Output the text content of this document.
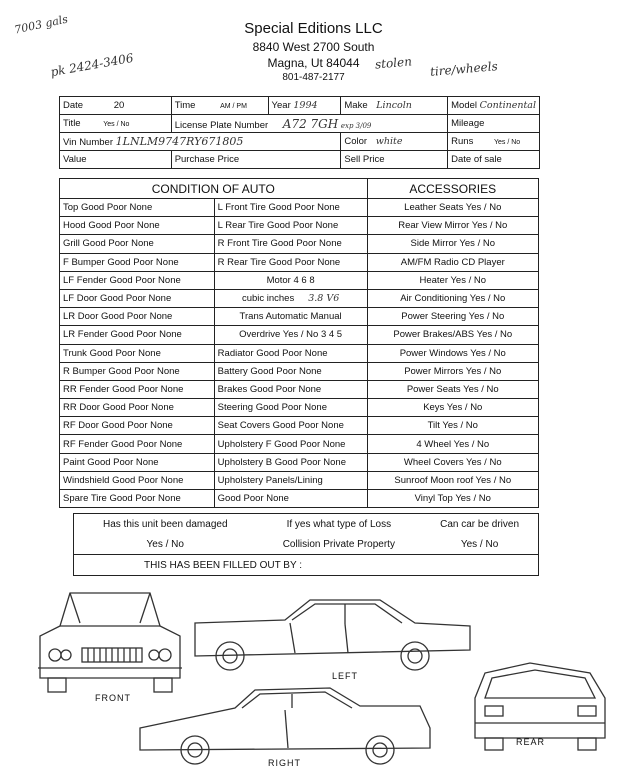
7003 gals
pk 2424-3406	stolen tire/wheels
Special Editions LLC
8840 West 2700 South
Magna, Ut 84044
801-487-2177
Date 20	Time AM / PM	Year 1994	Make Lincoln	Model Continental
Title Yes / No	License Plate Number A72 7GH exp 3/09			Mileage
Vin Number 1LNLM9747RY671805			Color white	Runs Yes / No
Value	Purchase Price		Sell Price	Date of sale
CONDITION OF AUTO		ACCESSORIES
Top Good Poor None	L Front Tire Good Poor None	Leather Seats Yes / No
Hood Good Poor None	L Rear Tire Good Poor None	Rear View Mirror Yes / No
Grill Good Poor None	R Front Tire Good Poor None	Side Mirror Yes / No
F Bumper Good Poor None	R Rear Tire Good Poor None	AM/FM Radio CD Player
LF Fender Good Poor None	Motor 4 6 8	Heater Yes / No
LF Door Good Poor None	cubic inches 3.8 V6	Air Conditioning Yes / No
LR Door Good Poor None	Trans Automatic Manual	Power Steering Yes / No
LR Fender Good Poor None	Overdrive Yes / No 3 4 5	Power Brakes/ABS Yes / No
Trunk Good Poor None	Radiator Good Poor None	Power Windows Yes / No
R Bumper Good Poor None	Battery Good Poor None	Power Mirrors Yes / No
RR Fender Good Poor None	Brakes Good Poor None	Power Seats Yes / No
RR Door Good Poor None	Steering Good Poor None	Keys Yes / No
RF Door Good Poor None	Seat Covers Good Poor None	Tilt Yes / No
RF Fender Good Poor None	Upholstery F Good Poor None	4 Wheel Yes / No
Paint Good Poor None	Upholstery B Good Poor None	Wheel Covers Yes / No
Windshield Good Poor None	Upholstery Panels/Lining	Sunroof Moon roof Yes / No
Spare Tire Good Poor None	Good Poor None	Vinyl Top Yes / No
Has this unit been damaged	If yes what type of Loss	Can car be driven
Yes / No	Collision Private Property	Yes / No
THIS HAS BEEN FILLED OUT BY :		
FRONT
LEFT
REAR
RIGHT
